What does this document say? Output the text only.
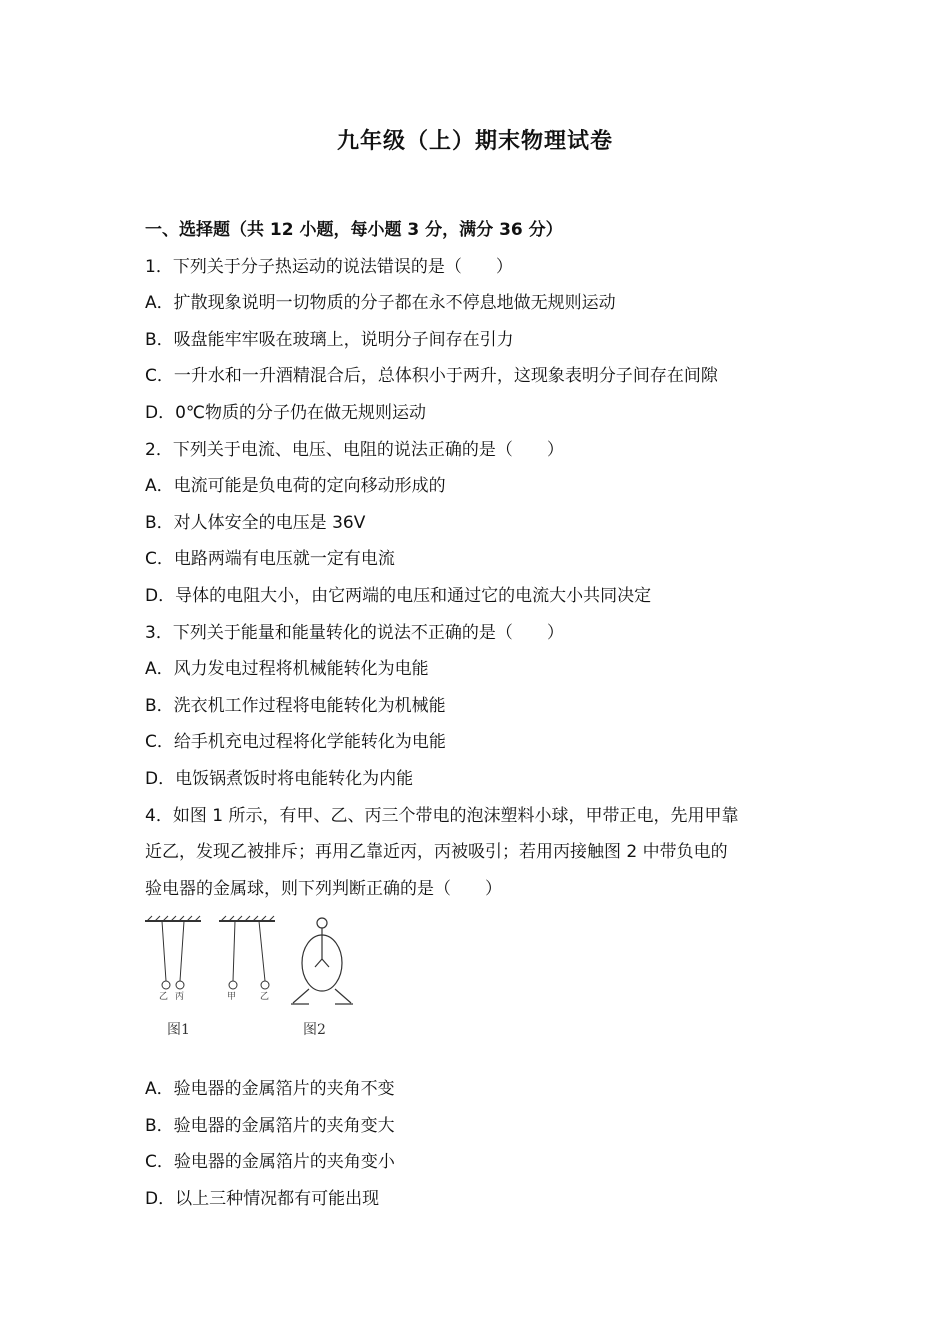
九年级（上）期末物理试卷
一、选择题（共 12 小题，每小题 3 分，满分 36 分）
1．下列关于分子热运动的说法错误的是（　　）
A．扩散现象说明一切物质的分子都在永不停息地做无规则运动
B．吸盘能牢牢吸在玻璃上，说明分子间存在引力
C．一升水和一升酒精混合后，总体积小于两升，这现象表明分子间存在间隙
D．0℃物质的分子仍在做无规则运动
2．下列关于电流、电压、电阻的说法正确的是（　　）
A．电流可能是负电荷的定向移动形成的
B．对人体安全的电压是 36V
C．电路两端有电压就一定有电流
D．导体的电阻大小，由它两端的电压和通过它的电流大小共同决定
3．下列关于能量和能量转化的说法不正确的是（　　）
A．风力发电过程将机械能转化为电能
B．洗衣机工作过程将电能转化为机械能
C．给手机充电过程将化学能转化为电能
D．电饭锅煮饭时将电能转化为内能
4．如图 1 所示，有甲、乙、丙三个带电的泡沫塑料小球，甲带正电，先用甲靠
近乙，发现乙被排斥；再用乙靠近丙，丙被吸引；若用丙接触图 2 中带负电的
验电器的金属球，则下列判断正确的是（　　）
乙 丙	甲	乙
图1	图2
A．验电器的金属箔片的夹角不变
B．验电器的金属箔片的夹角变大
C．验电器的金属箔片的夹角变小
D．以上三种情况都有可能出现
